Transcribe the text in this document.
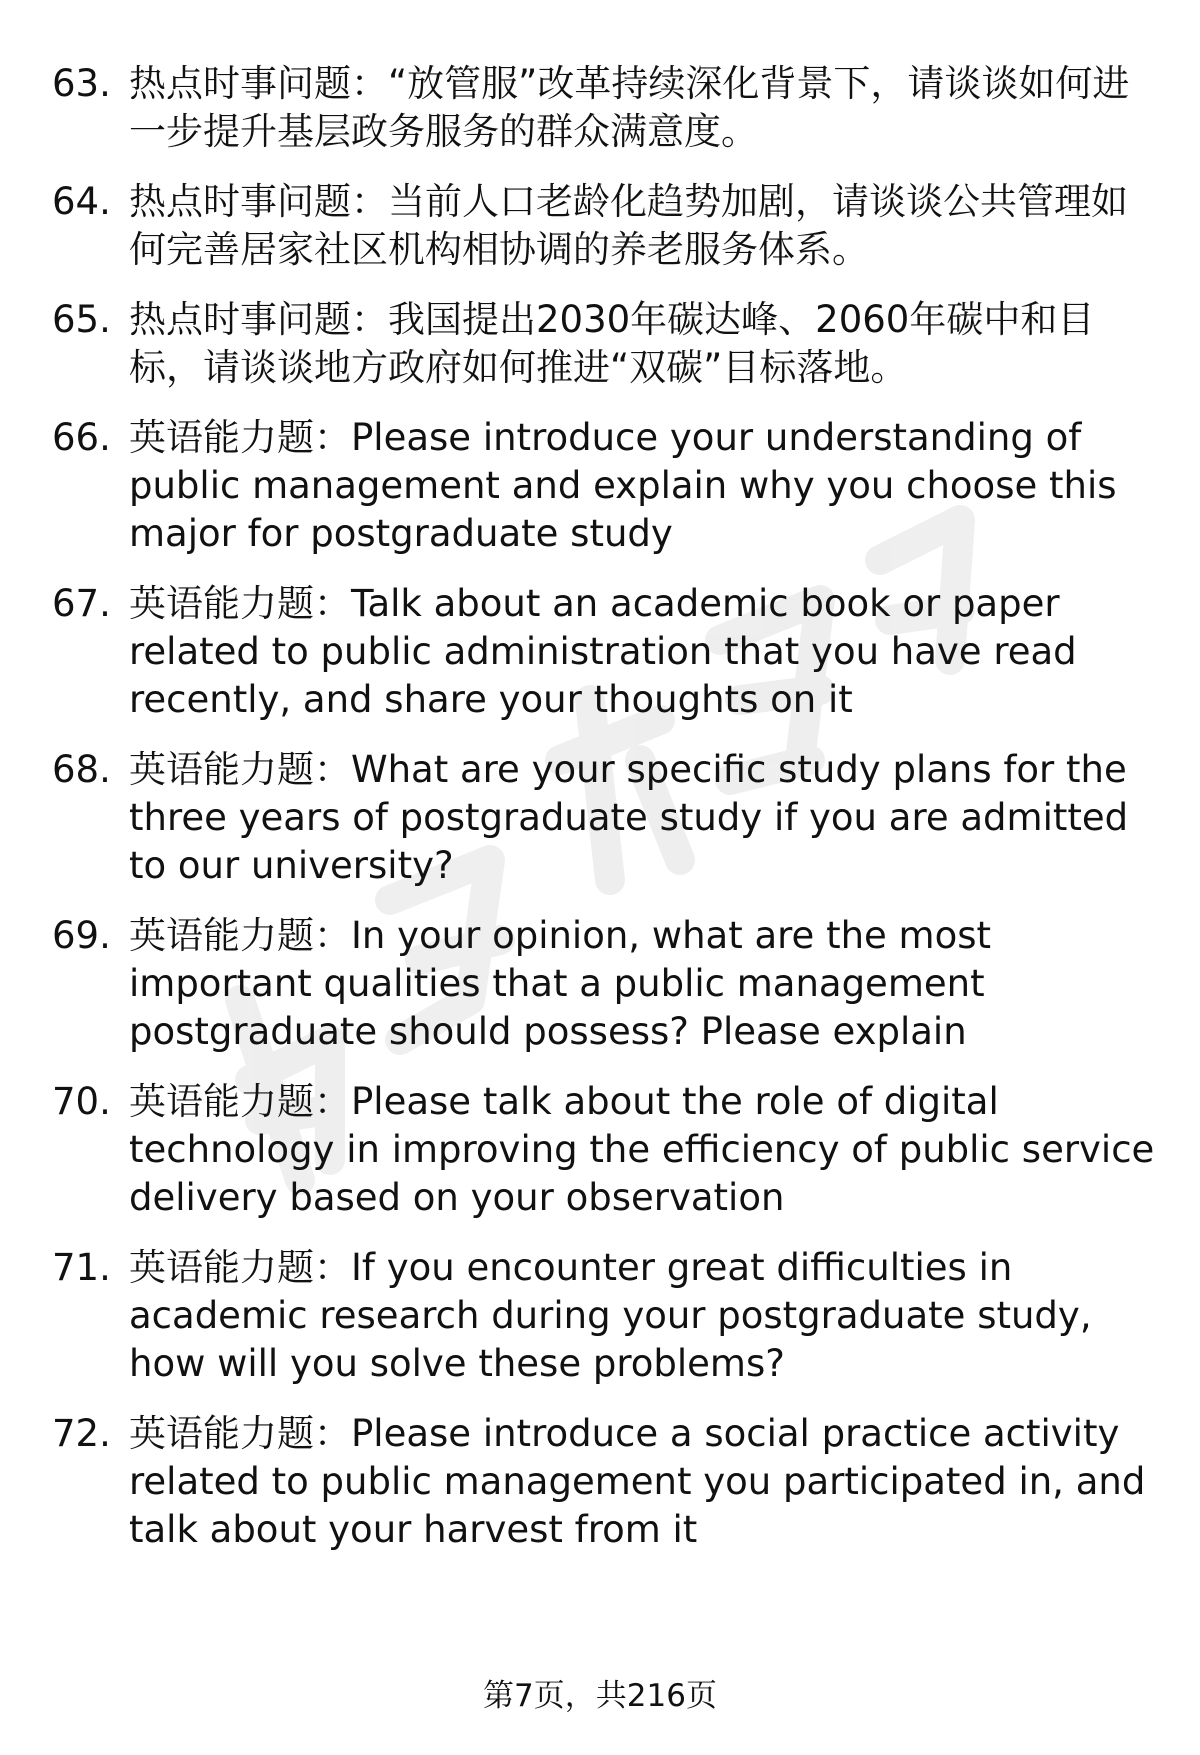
63. 热点时事问题：“放管服”改革持续深化背景下，请谈谈如何进一步提升基层政务服务的群众满意度。
64. 热点时事问题：当前人口老龄化趋势加剧，请谈谈公共管理如何完善居家社区机构相协调的养老服务体系。
65. 热点时事问题：我国提出2030年碳达峰、2060年碳中和目标，请谈谈地方政府如何推进“双碳”目标落地。
66. 英语能力题：Please introduce your understanding of public management and explain why you choose this major for postgraduate study
67. 英语能力题：Talk about an academic book or paper related to public administration that you have read recently, and share your thoughts on it
68. 英语能力题：What are your specific study plans for the three years of postgraduate study if you are admitted to our university?
69. 英语能力题：In your opinion, what are the most important qualities that a public management postgraduate should possess? Please explain
70. 英语能力题：Please talk about the role of digital technology in improving the efficiency of public service delivery based on your observation
71. 英语能力题：If you encounter great difficulties in academic research during your postgraduate study, how will you solve these problems?
72. 英语能力题：Please introduce a social practice activity related to public management you participated in, and talk about your harvest from it
第7页，共216页
